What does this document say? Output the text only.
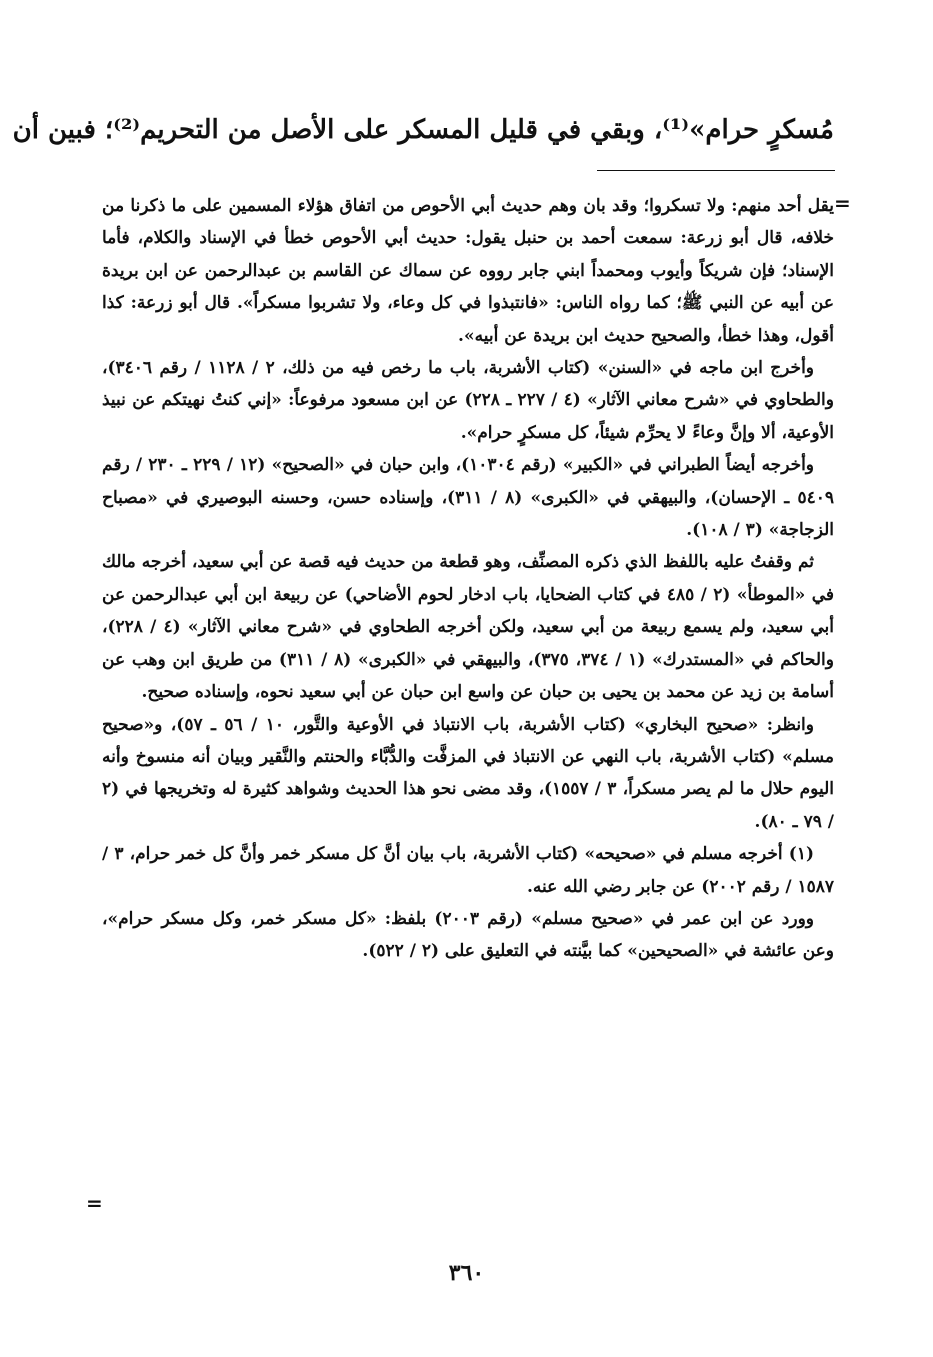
مُسكرٍ حرام»⁽¹⁾، وبقي في قليل المسكر على الأصل من التحريم⁽²⁾؛ فبين أن
=

يقل أحد منهم: ولا تسكروا؛ وقد بان وهم حديث أبي الأحوص من اتفاق هؤلاء المسمين على ما ذكرنا من خلافه، قال أبو زرعة: سمعت أحمد بن حنبل يقول: حديث أبي الأحوص خطأ في الإسناد والكلام، فأما الإسناد؛ فإن شريكاً وأيوب ومحمداً ابني جابر رووه عن سماك عن القاسم بن عبدالرحمن عن ابن بريدة عن أبيه عن النبي ﷺ؛ كما رواه الناس: «فانتبذوا في كل وعاء، ولا تشربوا مسكراً». قال أبو زرعة: كذا أقول، وهذا خطأ، والصحيح حديث ابن بريدة عن أبيه».

وأخرج ابن ماجه في «السنن» (كتاب الأشربة، باب ما رخص فيه من ذلك، ٢ / ١١٢٨ / رقم ٣٤٠٦)، والطحاوي في «شرح معاني الآثار» (٤ / ٢٢٧ ـ ٢٢٨) عن ابن مسعود مرفوعاً: «إني كنتُ نهيتكم عن نبيذ الأوعية، ألا وإنَّ وعاءً لا يحرِّم شيئاً، كل مسكرٍ حرام».

وأخرجه أيضاً الطبراني في «الكبير» (رقم ١٠٣٠٤)، وابن حبان في «الصحيح» (١٢ / ٢٢٩ ـ ٢٣٠ / رقم ٥٤٠٩ ـ الإحسان)، والبيهقي في «الكبرى» (٨ / ٣١١)، وإسناده حسن، وحسنه البوصيري في «مصباح الزجاجة» (٣ / ١٠٨).

ثم وقفتُ عليه باللفظ الذي ذكره المصنِّف، وهو قطعة من حديث فيه قصة عن أبي سعيد، أخرجه مالك في «الموطأ» (٢ / ٤٨٥ في كتاب الضحايا، باب ادخار لحوم الأضاحي) عن ربيعة ابن أبي عبدالرحمن عن أبي سعيد، ولم يسمع ربيعة من أبي سعيد، ولكن أخرجه الطحاوي في «شرح معاني الآثار» (٤ / ٢٢٨)، والحاكم في «المستدرك» (١ / ٣٧٤، ٣٧٥)، والبيهقي في «الكبرى» (٨ / ٣١١) من طريق ابن وهب عن أسامة بن زيد عن محمد بن يحيى بن حبان عن واسع ابن حبان عن أبي سعيد نحوه، وإسناده صحيح.

وانظر: «صحيح البخاري» (كتاب الأشربة، باب الانتباذ في الأوعية والتَّور، ١٠ / ٥٦ ـ ٥٧)، و«صحيح مسلم» (كتاب الأشربة، باب النهي عن الانتباذ في المزفَّت والدُّبَّاء والحنتم والنَّقير وبيان أنه منسوخ وأنه اليوم حلال ما لم يصر مسكراً، ٣ / ١٥٥٧)، وقد مضى نحو هذا الحديث وشواهد كثيرة له وتخريجها في (٢ / ٧٩ ـ ٨٠).

(١) أخرجه مسلم في «صحيحه» (كتاب الأشربة، باب بيان أنَّ كل مسكر خمر وأنَّ كل خمر حرام، ٣ / ١٥٨٧ / رقم ٢٠٠٢) عن جابر رضي الله عنه.

وورد عن ابن عمر في «صحيح مسلم» (رقم ٢٠٠٣) بلفظ: «كل مسكر خمر، وكل مسكر حرام»، وعن عائشة في «الصحيحين» كما بيَّنته في التعليق على (٢ / ٥٢٢).

=
٣٦٠
